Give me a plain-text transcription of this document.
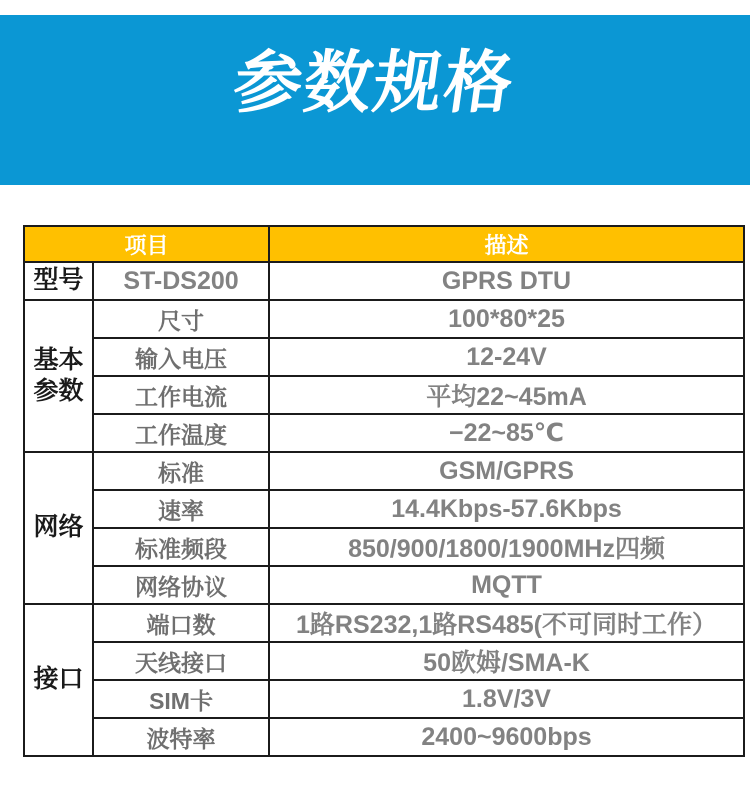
参数规格
项目		描述
型号	ST-DS200	GPRS DTU
基本参数	尺寸	100*80*25
	输入电压	12-24V
	工作电流	平均22~45mA
	工作温度	−22~85℃
网络	标准	GSM/GPRS
	速率	14.4Kbps-57.6Kbps
	标准频段	850/900/1800/1900MHz四频
	网络协议	MQTT
接口	端口数	1路RS232,1路RS485(不可同时工作）
	天线接口	50欧姆/SMA-K
	SIM卡	1.8V/3V
	波特率	2400~9600bps
